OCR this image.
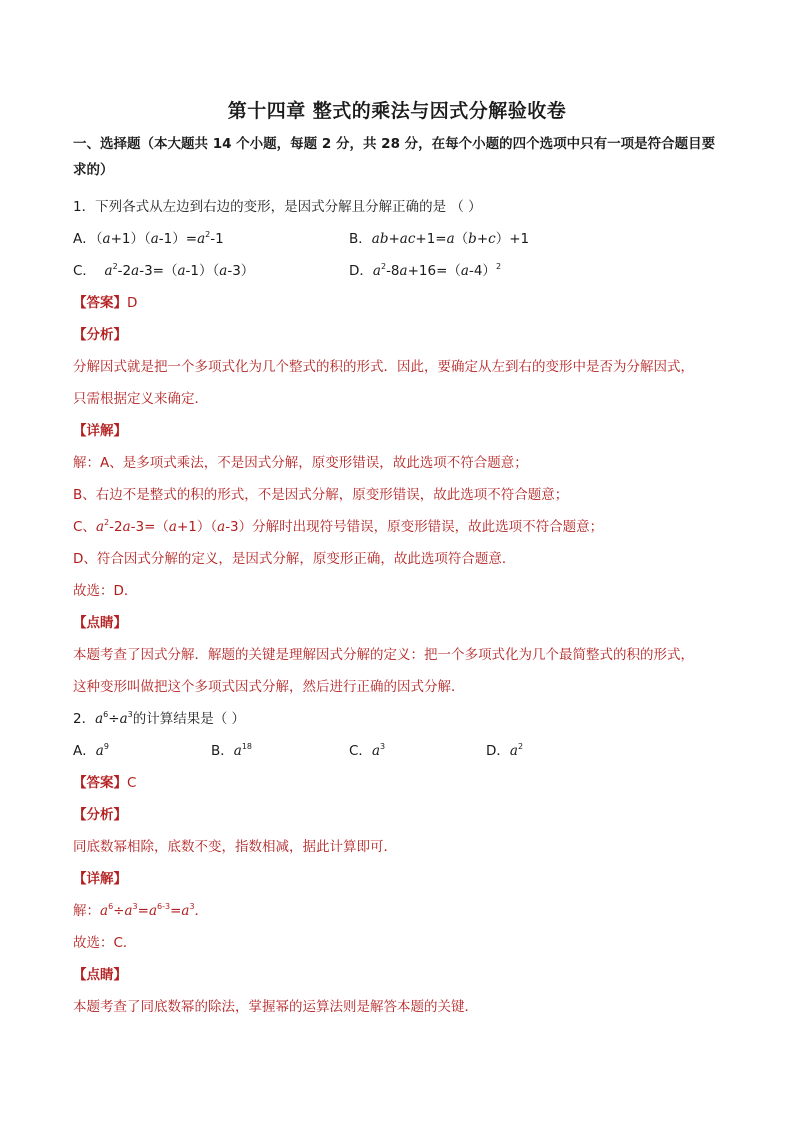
第十四章 整式的乘法与因式分解验收卷
一、选择题（本大题共 14 个小题，每题 2 分，共 28 分，在每个小题的四个选项中只有一项是符合题目要
求的）
1．下列各式从左边到右边的变形，是因式分解且分解正确的是 （ ）
A．$(a+1)(a-1)=a^2-1$	B．ab+ac+1=a（b+c）+1
C．  $a^2-2a-3=(a-1)(a-3)$	D．$a^2-8a+16=(a-4)^2$
【答案】D
【分析】
分解因式就是把一个多项式化为几个整式的积的形式．因此，要确定从左到右的变形中是否为分解因式，
只需根据定义来确定．
【详解】
解：A、是多项式乘法，不是因式分解，原变形错误，故此选项不符合题意；
B、右边不是整式的积的形式，不是因式分解，原变形错误，故此选项不符合题意；
C、$a^2-2a-3=(a+1)(a-3)$分解时出现符号错误，原变形错误，故此选项不符合题意；
D、符合因式分解的定义，是因式分解，原变形正确，故此选项符合题意．
故选：D．
【点睛】
本题考查了因式分解．解题的关键是理解因式分解的定义：把一个多项式化为几个最简整式的积的形式，
这种变形叫做把这个多项式因式分解，然后进行正确的因式分解．
2．$a^6\div a^3$的计算结果是（ ）
A．$a^9$	B．$a^{18}$	C．$a^3$	D．$a^2$
【答案】C
【分析】
同底数幂相除，底数不变，指数相减，据此计算即可．
【详解】
解：$a^6\div a^3=a^{6-3}=a^3$．
故选：C．
【点睛】
本题考查了同底数幂的除法，掌握幂的运算法则是解答本题的关键．
